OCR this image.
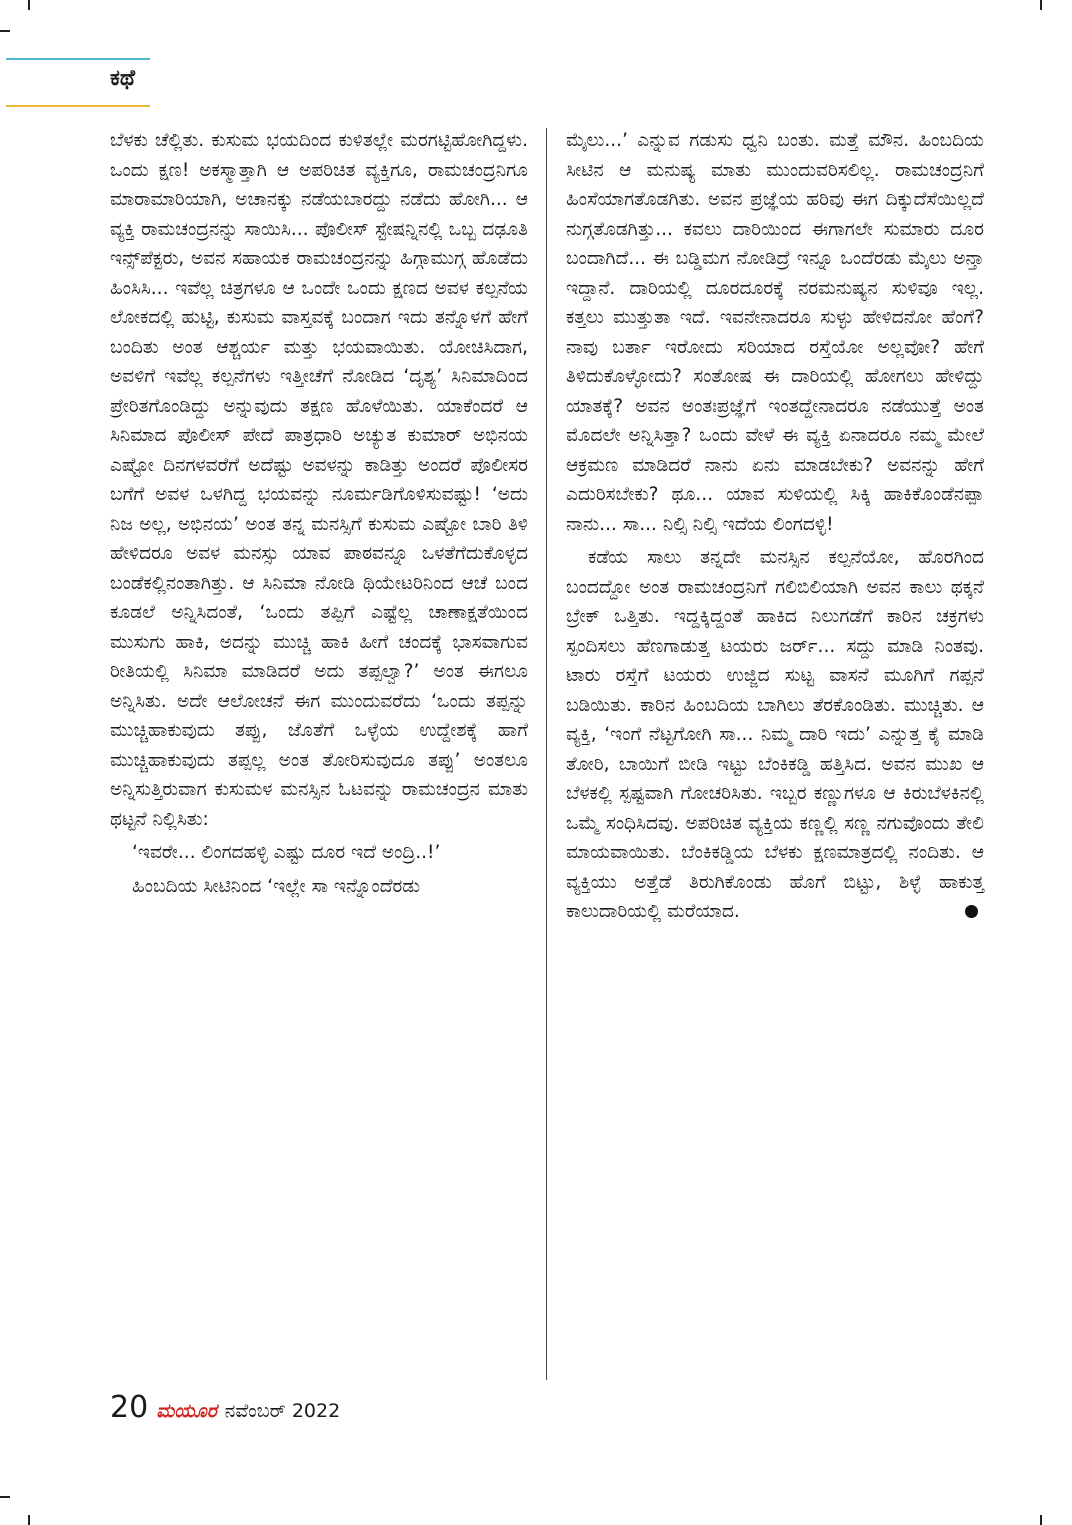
ಕಥೆ

ಬೆಳಕು ಚೆಲ್ಲಿತು. ಕುಸುಮ ಭಯದಿಂದ ಕುಳಿತಲ್ಲೇ ಮರಗಟ್ಟಿಹೋಗಿದ್ದಳು. ಒಂದು ಕ್ಷಣ! ಅಕಸ್ಮಾತ್ತಾಗಿ ಆ ಅಪರಿಚಿತ ವ್ಯಕ್ತಿಗೂ, ರಾಮಚಂದ್ರನಿಗೂ ಮಾರಾಮಾರಿಯಾಗಿ, ಅಚಾನಕ್ಕು ನಡೆಯಬಾರದ್ದು ನಡೆದು ಹೋಗಿ... ಆ ವ್ಯಕ್ತಿ ರಾಮಚಂದ್ರನನ್ನು ಸಾಯಿಸಿ... ಪೊಲೀಸ್ ಸ್ಟೇಷನ್ನಿನಲ್ಲಿ ಒಬ್ಬ ದಢೂತಿ ಇನ್ಸ್‌ಪೆಕ್ಟರು, ಅವನ ಸಹಾಯಕ ರಾಮಚಂದ್ರನನ್ನು ಹಿಗ್ಗಾಮುಗ್ಗ ಹೊಡೆದು ಹಿಂಸಿಸಿ... ಇವೆಲ್ಲ ಚಿತ್ರಗಳೂ ಆ ಒಂದೇ ಒಂದು ಕ್ಷಣದ ಅವಳ ಕಲ್ಪನೆಯ ಲೋಕದಲ್ಲಿ ಹುಟ್ಟಿ, ಕುಸುಮ ವಾಸ್ತವಕ್ಕೆ ಬಂದಾಗ ಇದು ತನ್ನೊಳಗೆ ಹೇಗೆ ಬಂದಿತು ಅಂತ ಆಶ್ಚರ್ಯ ಮತ್ತು ಭಯವಾಯಿತು. ಯೋಚಿಸಿದಾಗ, ಅವಳಿಗೆ ಇವೆಲ್ಲ ಕಲ್ಪನೆಗಳು ಇತ್ತೀಚೆಗೆ ನೋಡಿದ ‘ದೃಶ್ಯ’ ಸಿನಿಮಾದಿಂದ ಪ್ರೇರಿತಗೊಂಡಿದ್ದು ಅನ್ನುವುದು ತಕ್ಷಣ ಹೊಳೆಯಿತು. ಯಾಕೆಂದರೆ ಆ ಸಿನಿಮಾದ ಪೊಲೀಸ್ ಪೇದೆ ಪಾತ್ರಧಾರಿ ಅಚ್ಯುತ ಕುಮಾರ್ ಅಭಿನಯ ಎಷ್ಟೋ ದಿನಗಳವರೆಗೆ ಅದೆಷ್ಟು ಅವಳನ್ನು ಕಾಡಿತ್ತು ಅಂದರೆ ಪೊಲೀಸರ ಬಗೆಗೆ ಅವಳ ಒಳಗಿದ್ದ ಭಯವನ್ನು ನೂರ್ಮಡಿಗೊಳಿಸುವಷ್ಟು! ‘ಅದು ನಿಜ ಅಲ್ಲ, ಅಭಿನಯ’ ಅಂತ ತನ್ನ ಮನಸ್ಸಿಗೆ ಕುಸುಮ ಎಷ್ಟೋ ಬಾರಿ ತಿಳಿ ಹೇಳಿದರೂ ಅವಳ ಮನಸ್ಸು ಯಾವ ಪಾಠವನ್ನೂ ಒಳತೆಗೆದುಕೊಳ್ಳದ ಬಂಡೆಕಲ್ಲಿನಂತಾಗಿತ್ತು. ಆ ಸಿನಿಮಾ ನೋಡಿ ಥಿಯೇಟರಿನಿಂದ ಆಚೆ ಬಂದ ಕೂಡಲೆ ಅನ್ನಿಸಿದಂತೆ, ‘ಒಂದು ತಪ್ಪಿಗೆ ಎಷ್ಟೆಲ್ಲ ಚಾಣಾಕ್ಷತೆಯಿಂದ ಮುಸುಗು ಹಾಕಿ, ಅದನ್ನು ಮುಚ್ಚಿ ಹಾಕಿ ಹೀಗೆ ಚಂದಕ್ಕೆ ಭಾಸವಾಗುವ ರೀತಿಯಲ್ಲಿ ಸಿನಿಮಾ ಮಾಡಿದರೆ ಅದು ತಪ್ಪಲ್ವಾ?’ ಅಂತ ಈಗಲೂ ಅನ್ನಿಸಿತು. ಅದೇ ಆಲೋಚನೆ ಈಗ ಮುಂದುವರೆದು ‘ಒಂದು ತಪ್ಪನ್ನು ಮುಚ್ಚಿಹಾಕುವುದು ತಪ್ಪು, ಜೊತೆಗೆ ಒಳ್ಳೆಯ ಉದ್ದೇಶಕ್ಕೆ ಹಾಗೆ ಮುಚ್ಚಿಹಾಕುವುದು ತಪ್ಪಲ್ಲ ಅಂತ ತೋರಿಸುವುದೂ ತಪ್ಪು’ ಅಂತಲೂ ಅನ್ನಿಸುತ್ತಿರುವಾಗ ಕುಸುಮಳ ಮನಸ್ಸಿನ ಓಟವನ್ನು ರಾಮಚಂದ್ರನ ಮಾತು ಥಟ್ಟನೆ ನಿಲ್ಲಿಸಿತು:

‘ಇವರೇ... ಲಿಂಗದಹಳ್ಳಿ ಎಷ್ಟು ದೂರ ಇದೆ ಅಂದ್ರಿ..!’

ಹಿಂಬದಿಯ ಸೀಟಿನಿಂದ ‘ಇಲ್ಲೇ ಸಾ ಇನ್ನೊಂದೆರಡು

ಮೈಲು...’ ಎನ್ನುವ ಗಡುಸು ಧ್ವನಿ ಬಂತು. ಮತ್ತೆ ಮೌನ. ಹಿಂಬದಿಯ ಸೀಟಿನ ಆ ಮನುಷ್ಯ ಮಾತು ಮುಂದುವರಿಸಲಿಲ್ಲ. ರಾಮಚಂದ್ರನಿಗೆ ಹಿಂಸೆಯಾಗತೊಡಗಿತು. ಅವನ ಪ್ರಜ್ಞೆಯ ಹರಿವು ಈಗ ದಿಕ್ಕುದೆಸೆಯಿಲ್ಲದೆ ನುಗ್ಗತೊಡಗಿತ್ತು... ಕವಲು ದಾರಿಯಿಂದ ಈಗಾಗಲೇ ಸುಮಾರು ದೂರ ಬಂದಾಗಿದೆ... ಈ ಬಡ್ಡಿಮಗ ನೋಡಿದ್ರೆ ಇನ್ನೂ ಒಂದೆರಡು ಮೈಲು ಅನ್ತಾ ಇದ್ದಾನೆ. ದಾರಿಯಲ್ಲಿ ದೂರದೂರಕ್ಕೆ ನರಮನುಷ್ಯನ ಸುಳಿವೂ ಇಲ್ಲ. ಕತ್ತಲು ಮುತ್ತುತಾ ಇದೆ. ಇವನೇನಾದರೂ ಸುಳ್ಳು ಹೇಳಿದನೋ ಹೆಂಗೆ? ನಾವು ಬರ್ತಾ ಇರೋದು ಸರಿಯಾದ ರಸ್ತೆಯೋ ಅಲ್ಲವೋ? ಹೇಗೆ ತಿಳಿದುಕೊಳ್ಳೋದು? ಸಂತೋಷ ಈ ದಾರಿಯಲ್ಲಿ ಹೋಗಲು ಹೇಳಿದ್ದು ಯಾತಕ್ಕೆ? ಅವನ ಅಂತಃಪ್ರಜ್ಞೆಗೆ ಇಂತದ್ದೇನಾದರೂ ನಡೆಯುತ್ತೆ ಅಂತ ಮೊದಲೇ ಅನ್ನಿಸಿತ್ತಾ? ಒಂದು ವೇಳೆ ಈ ವ್ಯಕ್ತಿ ಏನಾದರೂ ನಮ್ಮ ಮೇಲೆ ಆಕ್ರಮಣ ಮಾಡಿದರೆ ನಾನು ಏನು ಮಾಡಬೇಕು? ಅವನನ್ನು ಹೇಗೆ ಎದುರಿಸಬೇಕು? ಥೂ... ಯಾವ ಸುಳಿಯಲ್ಲಿ ಸಿಕ್ಕಿ ಹಾಕಿಕೊಂಡೆನಪ್ಪಾ ನಾನು... ಸಾ... ನಿಲ್ಸಿ ನಿಲ್ಸಿ ಇದೆಯ ಲಿಂಗದಳ್ಳಿ!

ಕಡೆಯ ಸಾಲು ತನ್ನದೇ ಮನಸ್ಸಿನ ಕಲ್ಪನೆಯೋ, ಹೊರಗಿಂದ ಬಂದದ್ದೋ ಅಂತ ರಾಮಚಂದ್ರನಿಗೆ ಗಲಿಬಿಲಿಯಾಗಿ ಅವನ ಕಾಲು ಥಕ್ಕನೆ ಬ್ರೇಕ್ ಒತ್ತಿತು. ಇದ್ದಕ್ಕಿದ್ದಂತೆ ಹಾಕಿದ ನಿಲುಗಡೆಗೆ ಕಾರಿನ ಚಕ್ರಗಳು ಸ್ಪಂದಿಸಲು ಹೆಣಗಾಡುತ್ತ ಟಯರು ಜರ್ರ್... ಸದ್ದು ಮಾಡಿ ನಿಂತವು. ಟಾರು ರಸ್ತೆಗೆ ಟಯರು ಉಜ್ಜಿದ ಸುಟ್ಟ ವಾಸನೆ ಮೂಗಿಗೆ ಗಪ್ಪನೆ ಬಡಿಯಿತು. ಕಾರಿನ ಹಿಂಬದಿಯ ಬಾಗಿಲು ತೆರಕೊಂಡಿತು. ಮುಚ್ಚಿತು. ಆ ವ್ಯಕ್ತಿ, ‘ಇಂಗೆ ನೆಟ್ಟಗೋಗಿ ಸಾ... ನಿಮ್ಮ ದಾರಿ ಇದು’ ಎನ್ನುತ್ತ ಕೈ ಮಾಡಿ ತೋರಿ, ಬಾಯಿಗೆ ಬೀಡಿ ಇಟ್ಟು ಬೆಂಕಿಕಡ್ಡಿ ಹತ್ತಿಸಿದ. ಅವನ ಮುಖ ಆ ಬೆಳಕಲ್ಲಿ ಸ್ಪಷ್ಟವಾಗಿ ಗೋಚರಿಸಿತು. ಇಬ್ಬರ ಕಣ್ಣುಗಳೂ ಆ ಕಿರುಬೆಳಕಿನಲ್ಲಿ ಒಮ್ಮೆ ಸಂಧಿಸಿದವು. ಅಪರಿಚಿತ ವ್ಯಕ್ತಿಯ ಕಣ್ಣಲ್ಲಿ ಸಣ್ಣ ನಗುವೊಂದು ತೇಲಿ ಮಾಯವಾಯಿತು. ಬೆಂಕಿಕಡ್ಡಿಯ ಬೆಳಕು ಕ್ಷಣಮಾತ್ರದಲ್ಲಿ ನಂದಿತು. ಆ ವ್ಯಕ್ತಿಯು ಅತ್ತೆಡೆ ತಿರುಗಿಕೊಂಡು ಹೊಗೆ ಬಿಟ್ಟು, ಶಿಳ್ಳೆ ಹಾಕುತ್ತ ಕಾಲುದಾರಿಯಲ್ಲಿ ಮರೆಯಾದ.

20 ಮಯೂರ ನವೆಂಬರ್ 2022
